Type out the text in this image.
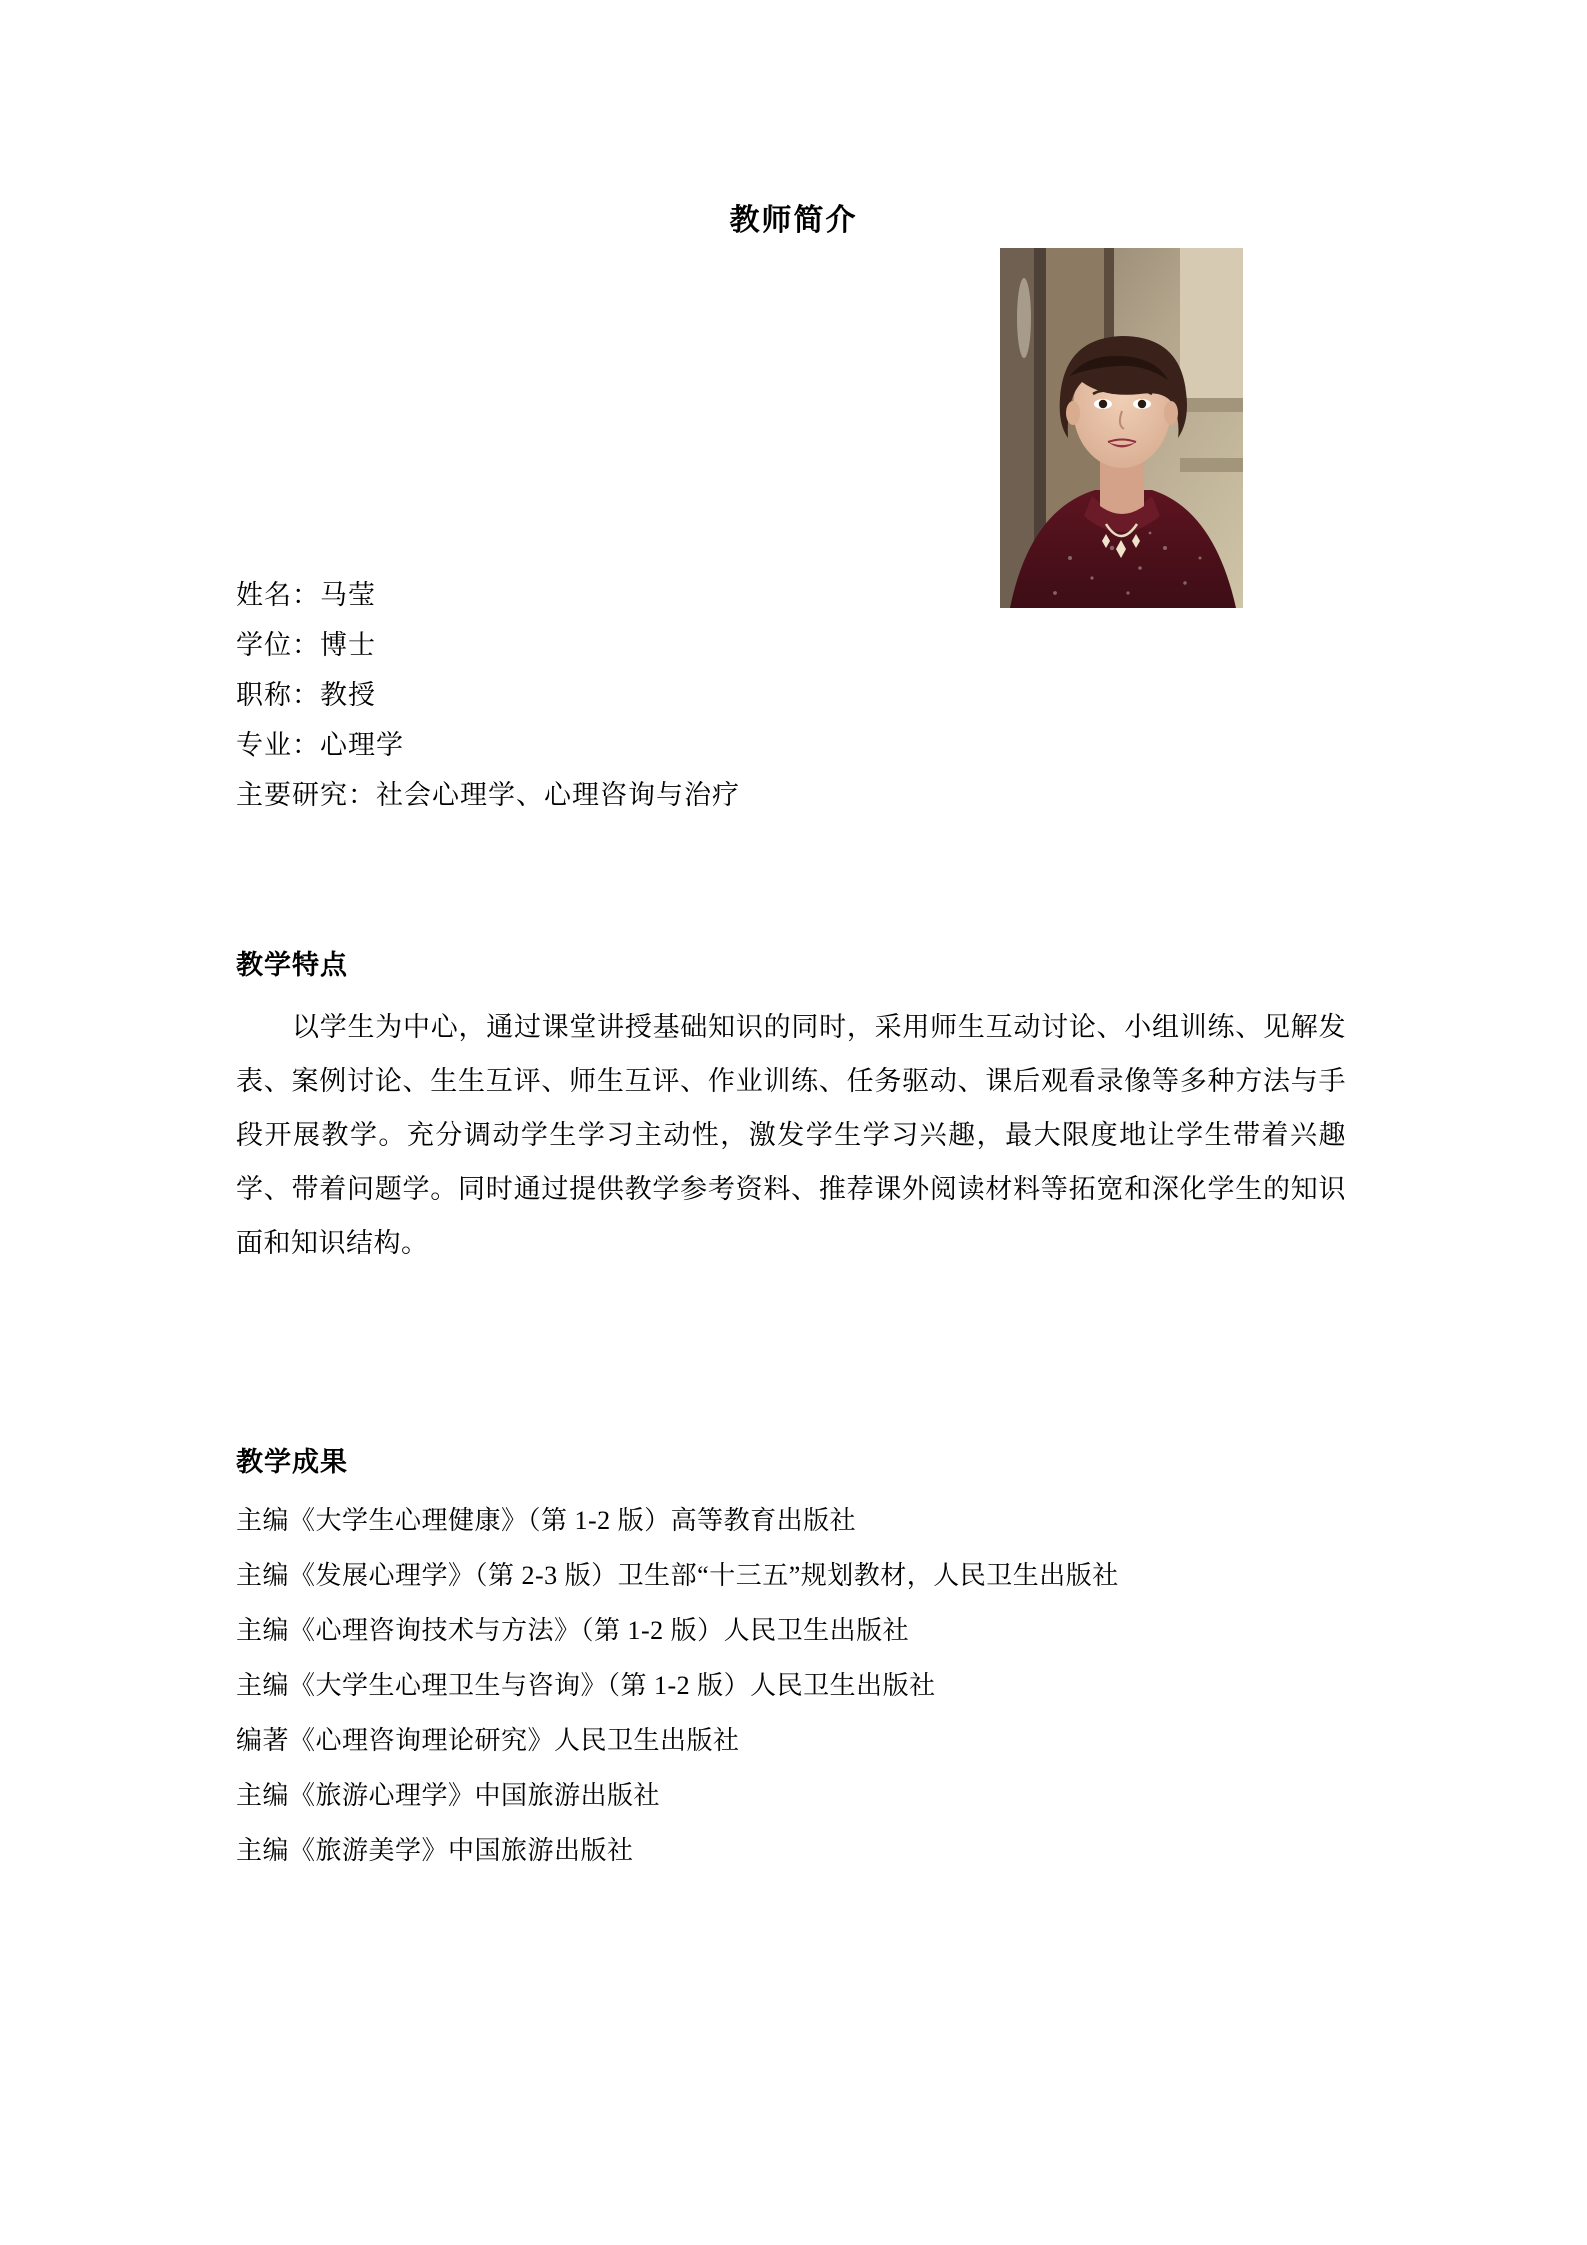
教师简介
姓名：马莹
学位：博士
职称：教授
专业：心理学
主要研究：社会心理学、心理咨询与治疗
教学特点
以学生为中心，通过课堂讲授基础知识的同时，采用师生互动讨论、小组训练、见解发表、案例讨论、生生互评、师生互评、作业训练、任务驱动、课后观看录像等多种方法与手段开展教学。充分调动学生学习主动性，激发学生学习兴趣，最大限度地让学生带着兴趣学、带着问题学。同时通过提供教学参考资料、推荐课外阅读材料等拓宽和深化学生的知识面和知识结构。
教学成果
主编《大学生心理健康》（第 1-2 版）高等教育出版社
主编《发展心理学》（第 2-3 版）卫生部“十三五”规划教材，人民卫生出版社
主编《心理咨询技术与方法》（第 1-2 版）人民卫生出版社
主编《大学生心理卫生与咨询》（第 1-2 版）人民卫生出版社
编著《心理咨询理论研究》人民卫生出版社
主编《旅游心理学》中国旅游出版社
主编《旅游美学》中国旅游出版社
